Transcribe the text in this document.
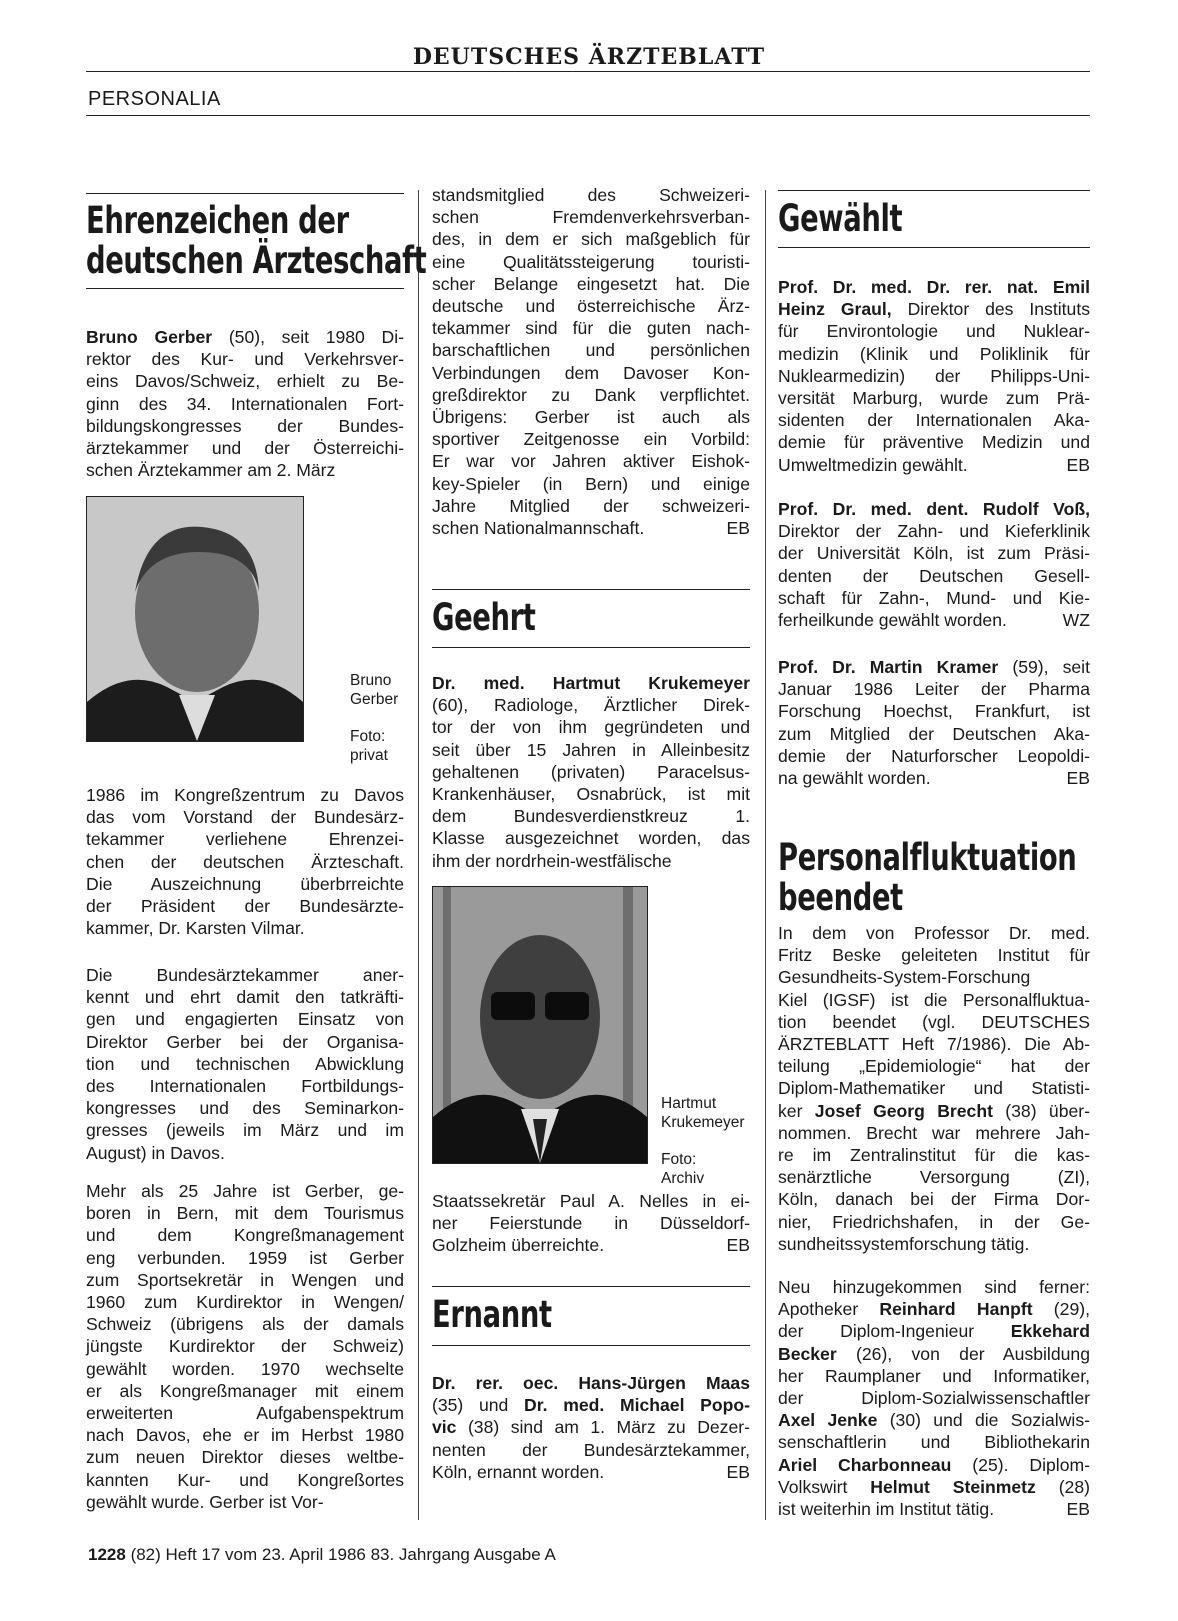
DEUTSCHES ÄRZTEBLATT
PERSONALIA
Ehrenzeichen der
deutschen Ärzteschaft
Bruno Gerber (50), seit 1980 Di-
rektor des Kur- und Verkehrsver-
eins Davos/Schweiz, erhielt zu Be-
ginn des 34. Internationalen Fort-
bildungskongresses der Bundes-
ärztekammer und der Österreichi-
schen Ärztekammer am 2. März
Bruno
Gerber
Foto:
privat
1986 im Kongreßzentrum zu Davos
das vom Vorstand der Bundesärz-
tekammer verliehene Ehrenzei-
chen der deutschen Ärzteschaft.
Die Auszeichnung überbrreichte
der Präsident der Bundesärzte-
kammer, Dr. Karsten Vilmar.
Die Bundesärztekammer aner-
kennt und ehrt damit den tatkräfti-
gen und engagierten Einsatz von
Direktor Gerber bei der Organisa-
tion und technischen Abwicklung
des Internationalen Fortbildungs-
kongresses und des Seminarkon-
gresses (jeweils im März und im
August) in Davos.
Mehr als 25 Jahre ist Gerber, ge-
boren in Bern, mit dem Tourismus
und dem Kongreßmanagement
eng verbunden. 1959 ist Gerber
zum Sportsekretär in Wengen und
1960 zum Kurdirektor in Wengen/
Schweiz (übrigens als der damals
jüngste Kurdirektor der Schweiz)
gewählt worden. 1970 wechselte
er als Kongreßmanager mit einem
erweiterten Aufgabenspektrum
nach Davos, ehe er im Herbst 1980
zum neuen Direktor dieses weltbe-
kannten Kur- und Kongreßortes
gewählt wurde. Gerber ist Vor-
standsmitglied des Schweizeri-
schen Fremdenverkehrsverban-
des, in dem er sich maßgeblich für
eine Qualitätssteigerung touristi-
scher Belange eingesetzt hat. Die
deutsche und österreichische Ärz-
tekammer sind für die guten nach-
barschaftlichen und persönlichen
Verbindungen dem Davoser Kon-
greßdirektor zu Dank verpflichtet.
Übrigens: Gerber ist auch als
sportiver Zeitgenosse ein Vorbild:
Er war vor Jahren aktiver Eishok-
key-Spieler (in Bern) und einige
Jahre Mitglied der schweizeri-
schen Nationalmannschaft.	EB
Geehrt
Dr. med. Hartmut Krukemeyer
(60), Radiologe, Ärztlicher Direk-
tor der von ihm gegründeten und
seit über 15 Jahren in Alleinbesitz
gehaltenen (privaten) Paracelsus-
Krankenhäuser, Osnabrück, ist mit
dem Bundesverdienstkreuz 1.
Klasse ausgezeichnet worden, das
ihm der nordrhein-westfälische
Hartmut
Krukemeyer
Foto:
Archiv
Staatssekretär Paul A. Nelles in ei-
ner Feierstunde in Düsseldorf-
Golzheim überreichte.	EB
Ernannt
Dr. rer. oec. Hans-Jürgen Maas
(35) und Dr. med. Michael Popo-
vic (38) sind am 1. März zu Dezer-
nenten der Bundesärztekammer,
Köln, ernannt worden.	EB
Gewählt
Prof. Dr. med. Dr. rer. nat. Emil
Heinz Graul, Direktor des Instituts
für Environtologie und Nuklear-
medizin (Klinik und Poliklinik für
Nuklearmedizin) der Philipps-Uni-
versität Marburg, wurde zum Prä-
sidenten der Internationalen Aka-
demie für präventive Medizin und
Umweltmedizin gewählt.	EB
Prof. Dr. med. dent. Rudolf Voß,
Direktor der Zahn- und Kieferklinik
der Universität Köln, ist zum Präsi-
denten der Deutschen Gesell-
schaft für Zahn-, Mund- und Kie-
ferheilkunde gewählt worden.	WZ
Prof. Dr. Martin Kramer (59), seit
Januar 1986 Leiter der Pharma
Forschung Hoechst, Frankfurt, ist
zum Mitglied der Deutschen Aka-
demie der Naturforscher Leopoldi-
na gewählt worden.	EB
Personalfluktuation
beendet
In dem von Professor Dr. med.
Fritz Beske geleiteten Institut für
Gesundheits-System-Forschung
Kiel (IGSF) ist die Personalfluktua-
tion beendet (vgl. DEUTSCHES
ÄRZTEBLATT Heft 7/1986). Die Ab-
teilung „Epidemiologie“ hat der
Diplom-Mathematiker und Statisti-
ker Josef Georg Brecht (38) über-
nommen. Brecht war mehrere Jah-
re im Zentralinstitut für die kas-
senärztliche Versorgung (ZI),
Köln, danach bei der Firma Dor-
nier, Friedrichshafen, in der Ge-
sundheitssystemforschung tätig.
Neu hinzugekommen sind ferner:
Apotheker Reinhard Hanpft (29),
der Diplom-Ingenieur Ekkehard
Becker (26), von der Ausbildung
her Raumplaner und Informatiker,
der Diplom-Sozialwissenschaftler
Axel Jenke (30) und die Sozialwis-
senschaftlerin und Bibliothekarin
Ariel Charbonneau (25). Diplom-
Volkswirt Helmut Steinmetz (28)
ist weiterhin im Institut tätig.	EB
1228 (82) Heft 17 vom 23. April 1986 83. Jahrgang Ausgabe A
